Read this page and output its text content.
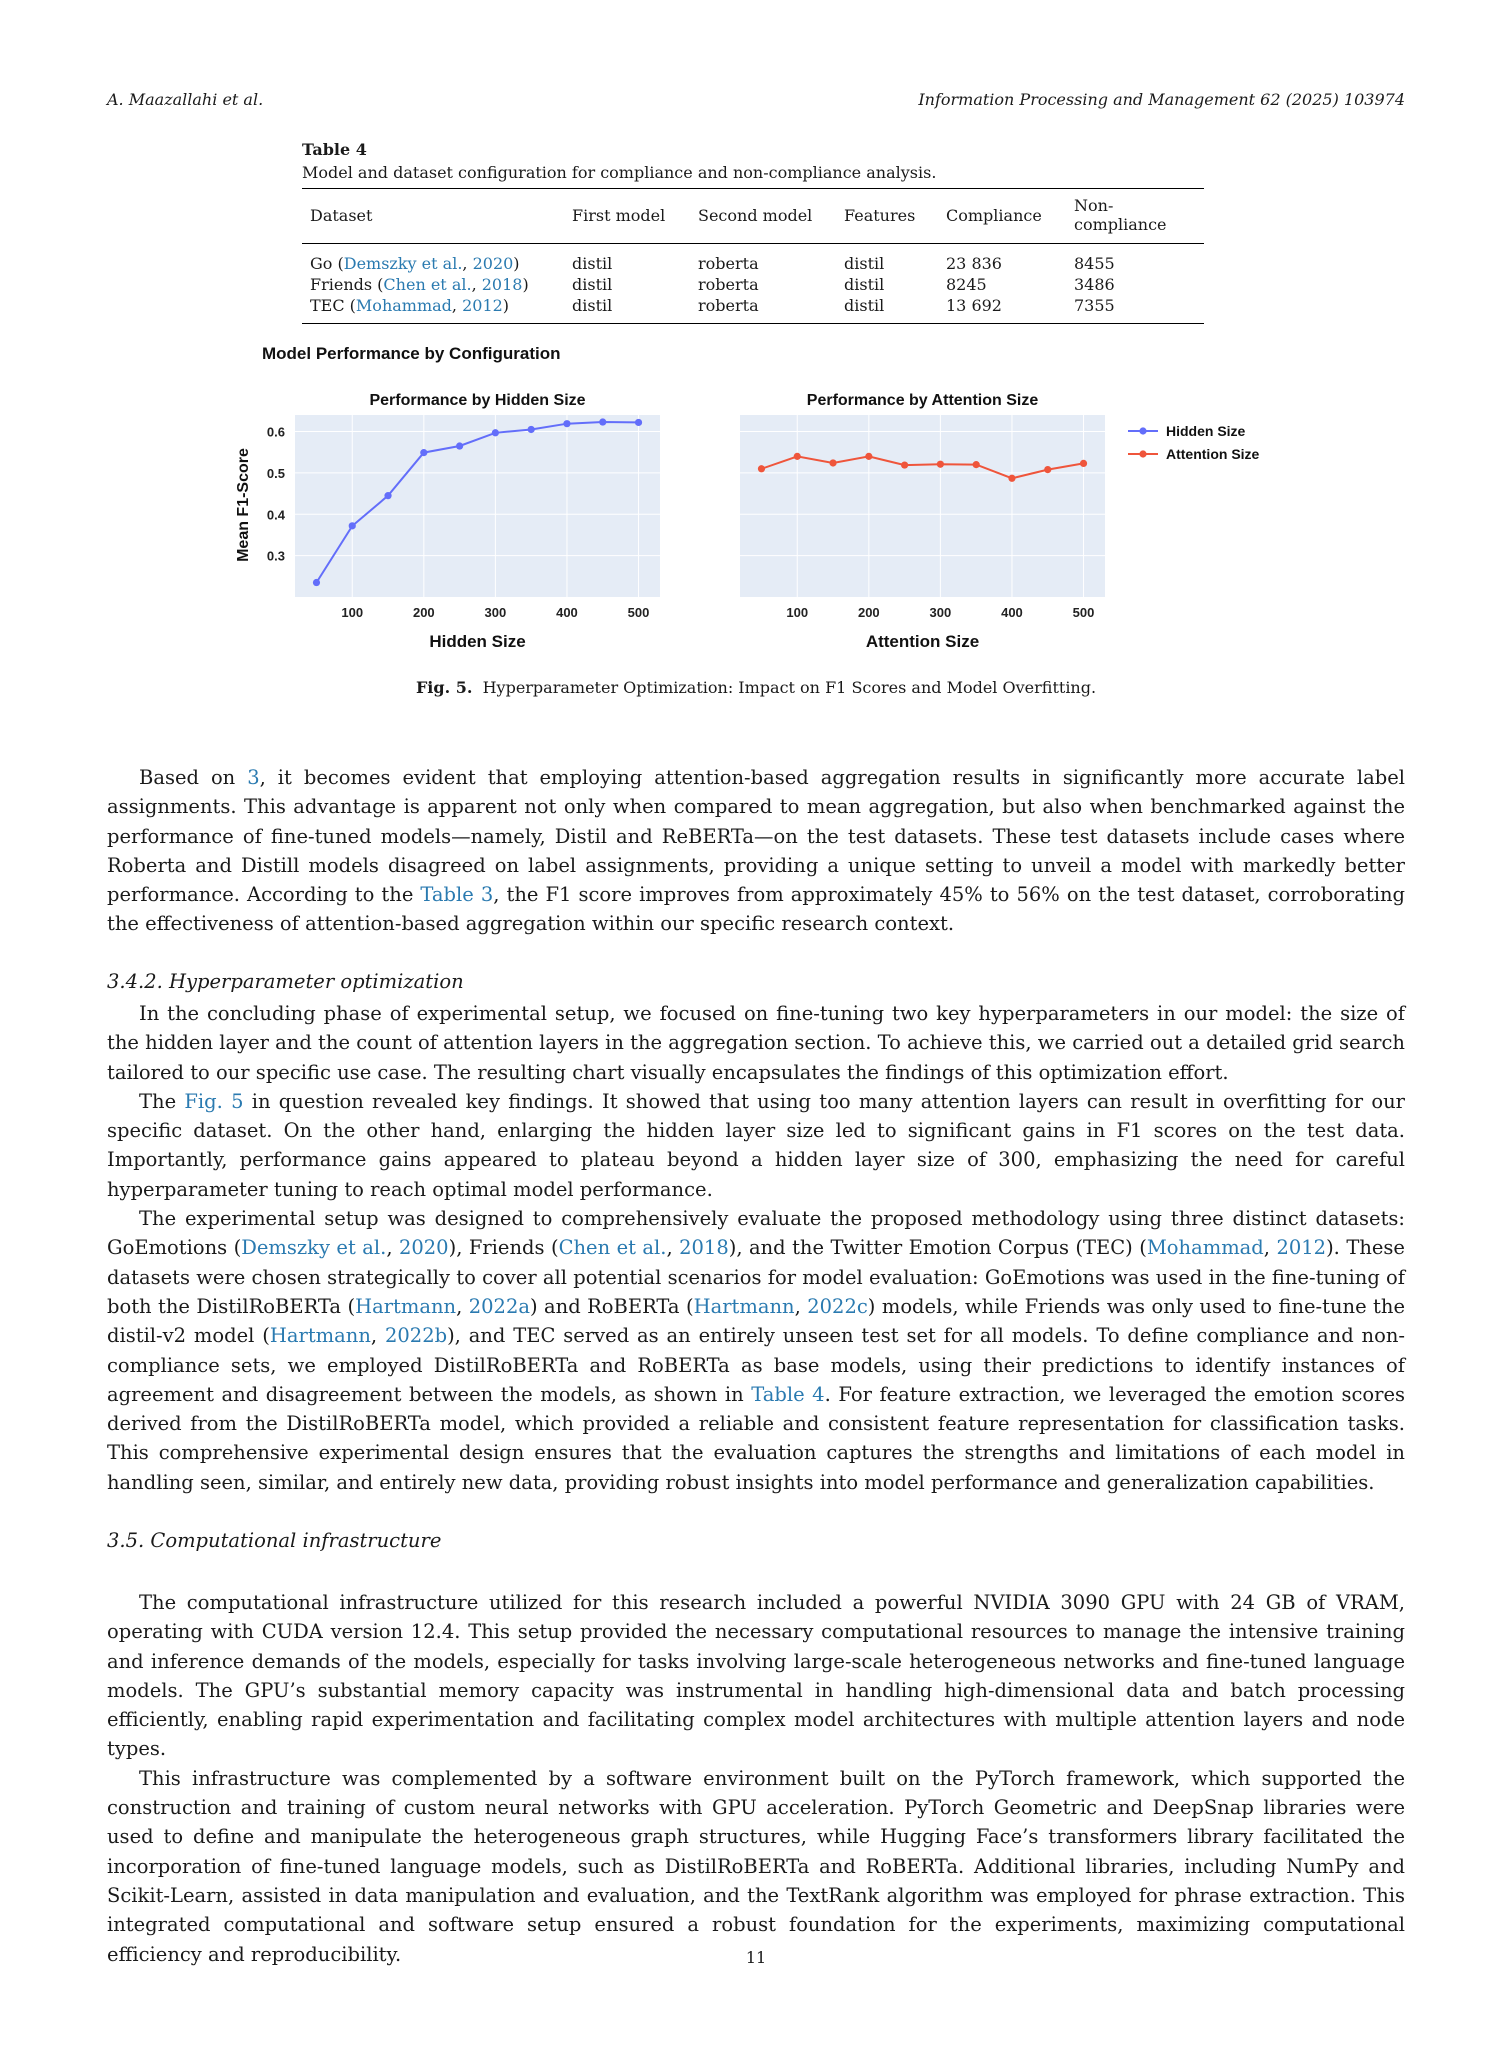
A. Maazallahi et al.	Information Processing and Management 62 (2025) 103974
Table 4
Model and dataset configuration for compliance and non-compliance analysis.
Dataset	First model	Second model	Features	Compliance	Non-compliance
Go (Demszky et al., 2020)	distil	roberta	distil	23 836	8455
Friends (Chen et al., 2018)	distil	roberta	distil	8245	3486
TEC (Mohammad, 2012)	distil	roberta	distil	13 692	7355
Model Performance by Configuration
Mean F1-Score
100	200	300	400	500
0.6
0.5
0.4
0.3
Performance by Hidden Size
Hidden Size
100	200	300	400	500
Performance by Attention Size
Attention Size
Hidden Size
Attention Size
Fig. 5. Hyperparameter Optimization: Impact on F1 Scores and Model Overfitting.

Based on 3, it becomes evident that employing attention-based aggregation results in significantly more accurate label assignments. This advantage is apparent not only when compared to mean aggregation, but also when benchmarked against the performance of fine-tuned models—namely, Distil and ReBERTa—on the test datasets. These test datasets include cases where Roberta and Distill models disagreed on label assignments, providing a unique setting to unveil a model with markedly better performance. According to the Table 3, the F1 score improves from approximately 45% to 56% on the test dataset, corroborating the effectiveness of attention-based aggregation within our specific research context.

3.4.2. Hyperparameter optimization

In the concluding phase of experimental setup, we focused on fine-tuning two key hyperparameters in our model: the size of the hidden layer and the count of attention layers in the aggregation section. To achieve this, we carried out a detailed grid search tailored to our specific use case. The resulting chart visually encapsulates the findings of this optimization effort.

The Fig. 5 in question revealed key findings. It showed that using too many attention layers can result in overfitting for our specific dataset. On the other hand, enlarging the hidden layer size led to significant gains in F1 scores on the test data. Importantly, performance gains appeared to plateau beyond a hidden layer size of 300, emphasizing the need for careful hyperparameter tuning to reach optimal model performance.

The experimental setup was designed to comprehensively evaluate the proposed methodology using three distinct datasets: GoEmotions (Demszky et al., 2020), Friends (Chen et al., 2018), and the Twitter Emotion Corpus (TEC) (Mohammad, 2012). These datasets were chosen strategically to cover all potential scenarios for model evaluation: GoEmotions was used in the fine-tuning of both the DistilRoBERTa (Hartmann, 2022a) and RoBERTa (Hartmann, 2022c) models, while Friends was only used to fine-tune the distil-v2 model (Hartmann, 2022b), and TEC served as an entirely unseen test set for all models. To define compliance and non-compliance sets, we employed DistilRoBERTa and RoBERTa as base models, using their predictions to identify instances of agreement and disagreement between the models, as shown in Table 4. For feature extraction, we leveraged the emotion scores derived from the DistilRoBERTa model, which provided a reliable and consistent feature representation for classification tasks. This comprehensive experimental design ensures that the evaluation captures the strengths and limitations of each model in handling seen, similar, and entirely new data, providing robust insights into model performance and generalization capabilities.

3.5. Computational infrastructure

The computational infrastructure utilized for this research included a powerful NVIDIA 3090 GPU with 24 GB of VRAM, operating with CUDA version 12.4. This setup provided the necessary computational resources to manage the intensive training and inference demands of the models, especially for tasks involving large-scale heterogeneous networks and fine-tuned language models. The GPU’s substantial memory capacity was instrumental in handling high-dimensional data and batch processing efficiently, enabling rapid experimentation and facilitating complex model architectures with multiple attention layers and node types.

This infrastructure was complemented by a software environment built on the PyTorch framework, which supported the construction and training of custom neural networks with GPU acceleration. PyTorch Geometric and DeepSnap libraries were used to define and manipulate the heterogeneous graph structures, while Hugging Face’s transformers library facilitated the incorporation of fine-tuned language models, such as DistilRoBERTa and RoBERTa. Additional libraries, including NumPy and Scikit-Learn, assisted in data manipulation and evaluation, and the TextRank algorithm was employed for phrase extraction. This integrated computational and software setup ensured a robust foundation for the experiments, maximizing computational efficiency and reproducibility.	11
